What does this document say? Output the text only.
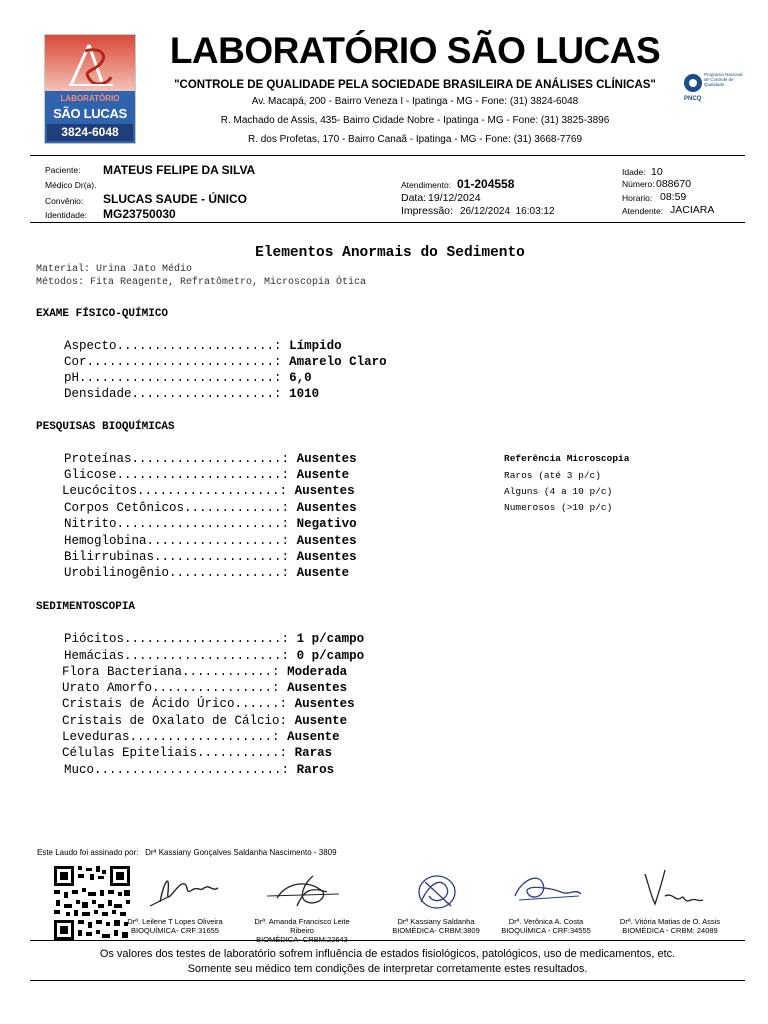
LABORATÓRIO
SÃO LUCAS
3824-6048
LABORATÓRIO SÃO LUCAS
"CONTROLE DE QUALIDADE PELA SOCIEDADE BRASILEIRA DE ANÁLISES CLÍNICAS"
Av. Macapá, 200 - Bairro Veneza I - Ipatinga - MG - Fone: (31) 3824-6048
R. Machado de Assis, 435- Bairro Cidade Nobre - Ipatinga - MG - Fone: (31) 3825-3896
R. dos Profetas, 170 - Bairro Canaã - Ipatinga - MG - Fone: (31) 3668-7769
Programa Nacional de Controle de Qualidade
PNCQ
Paciente: MATEUS FELIPE DA SILVA
Médico Dr(a).
Convênio: SLUCAS SAUDE - ÚNICO
Identidade: MG23750030
Atendimento: 01-204558
Data: 19/12/2024
Impressão: 26/12/2024  16:03:12
Idade: 10
Número: 088670
Horario: 08:59
Atendente: JACIARA
Elementos Anormais do Sedimento
Material: Urina Jato Médio
Métodos: Fita Reagente, Refratômetro, Microscopia Ótica
EXAME FÍSICO-QUÍMICO
Aspecto.....................: Límpido
Cor.........................: Amarelo Claro
pH..........................: 6,0
Densidade...................: 1010
PESQUISAS BIOQUÍMICAS
Proteínas....................: Ausentes
Glicose......................: Ausente
Leucócitos...................: Ausentes
Corpos Cetônicos.............: Ausentes
Nitrito......................: Negativo
Hemoglobina..................: Ausentes
Bilirrubinas.................: Ausentes
Urobilinogênio...............: Ausente
Referência Microscopia
Raros (até 3 p/c)
Alguns (4 a 10 p/c)
Numerosos (>10 p/c)
SEDIMENTOSCOPIA
Piócitos.....................: 1 p/campo
Hemácias.....................: 0 p/campo
Flora Bacteriana............: Moderada
Urato Amorfo................: Ausentes
Cristais de Ácido Úrico......: Ausentes
Cristais de Oxalato de Cálcio: Ausente
Leveduras...................: Ausente
Células Epiteliais...........: Raras
Muco.........................: Raros
Este Laudo foi assinado por: Drª Kassiany Gonçalves Saldanha Nascimento - 3809
Drª. Leilene T Lopes Oliveira
BIOQUÍMICA- CRF:31655
Drª. Amanda Francisco Leite Ribeiro
Drª Kassiany Saldanha
BIOMÉDICA- CRBM:3809
Drª. Verônica A. Costa
BIOQUÍMICA - CRF:34555
Drª. Vitória Matias de O. Assis
BIOMÉDICA - CRBM: 24089
Os valores dos testes de laboratório sofrem influência de estados fisiológicos, patológicos, uso de medicamentos, etc.
Somente seu médico tem condições de interpretar corretamente estes resultados.
